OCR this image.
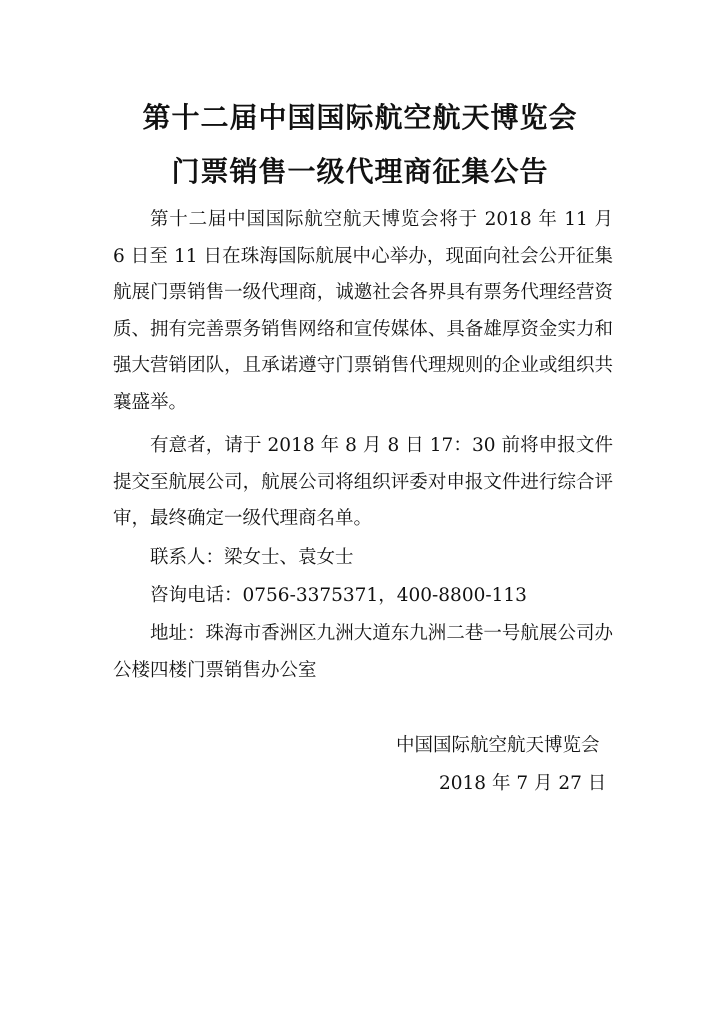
第十二届中国国际航空航天博览会
门票销售一级代理商征集公告

第十二届中国国际航空航天博览会将于 2018 年 11 月 6 日至 11 日在珠海国际航展中心举办，现面向社会公开征集航展门票销售一级代理商，诚邀社会各界具有票务代理经营资质、拥有完善票务销售网络和宣传媒体、具备雄厚资金实力和强大营销团队，且承诺遵守门票销售代理规则的企业或组织共襄盛举。

有意者，请于 2018 年 8 月 8 日 17：30 前将申报文件提交至航展公司，航展公司将组织评委对申报文件进行综合评审，最终确定一级代理商名单。

联系人：梁女士、袁女士
咨询电话：0756-3375371，400-8800-113

地址：珠海市香洲区九洲大道东九洲二巷一号航展公司办公楼四楼门票销售办公室

中国国际航空航天博览会
2018 年 7 月 27 日
